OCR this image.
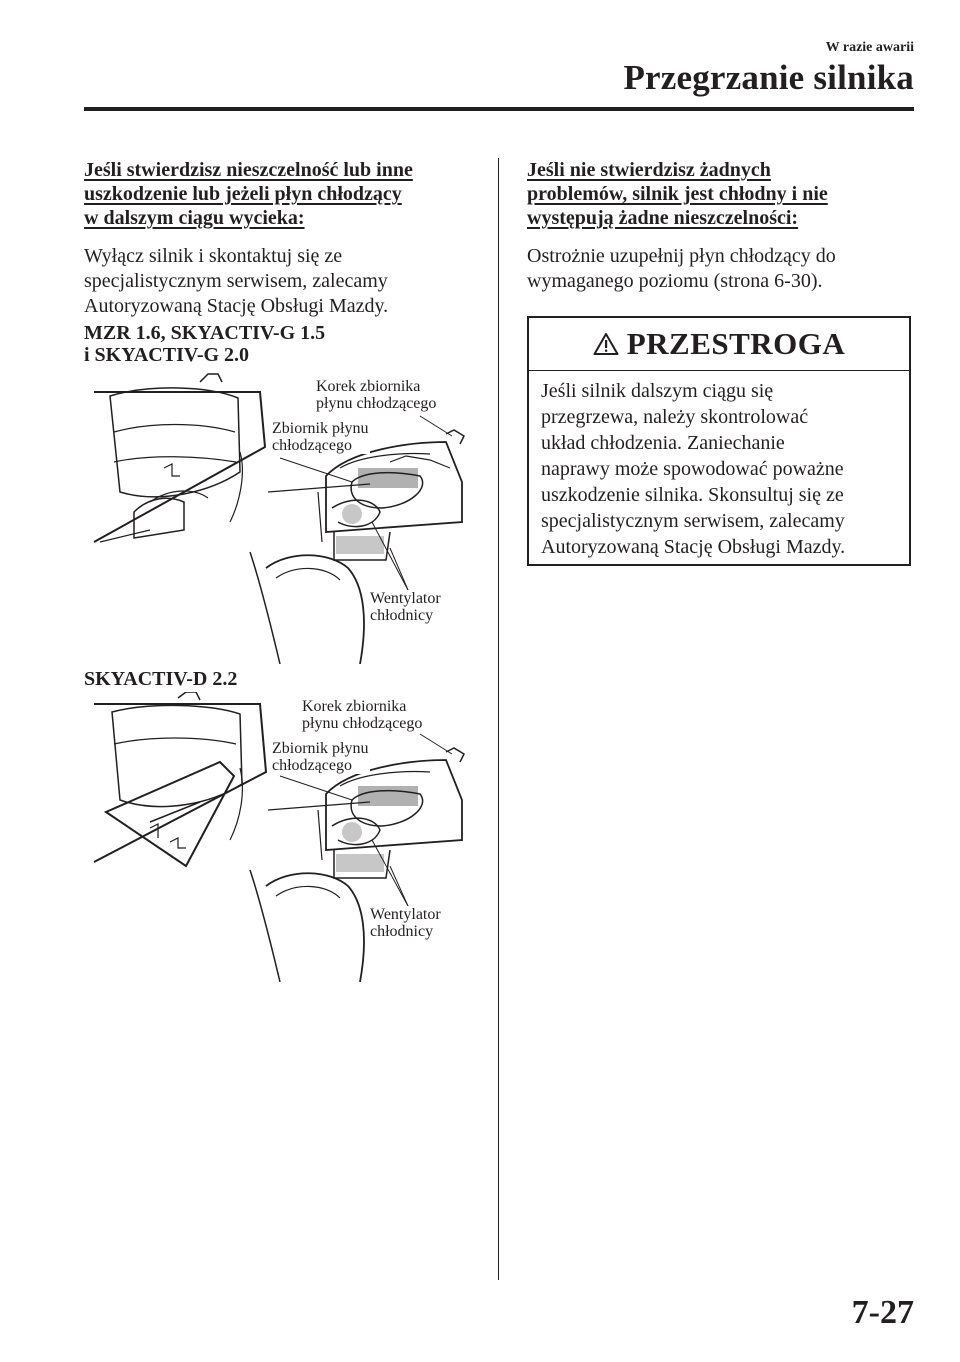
W razie awarii
Przegrzanie silnika
Jeśli stwierdzisz nieszczelność lub inne
uszkodzenie lub jeżeli płyn chłodzący
w dalszym ciągu wycieka:
Wyłącz silnik i skontaktuj się ze
specjalistycznym serwisem, zalecamy
Autoryzowaną Stację Obsługi Mazdy.
MZR 1.6, SKYACTIV-G 1.5
i SKYACTIV-G 2.0
Korek zbiornika
płynu chłodzącego
Zbiornik płynu
chłodzącego
Wentylator
chłodnicy
SKYACTIV-D 2.2
Korek zbiornika
płynu chłodzącego
Zbiornik płynu
chłodzącego
Wentylator
chłodnicy
Jeśli nie stwierdzisz żadnych
problemów, silnik jest chłodny i nie
występują żadne nieszczelności:
Ostrożnie uzupełnij płyn chłodzący do
wymaganego poziomu (strona 6-30).
PRZESTROGA
Jeśli silnik dalszym ciągu się
przegrzewa, należy skontrolować
układ chłodzenia. Zaniechanie
naprawy może spowodować poważne
uszkodzenie silnika. Skonsultuj się ze
specjalistycznym serwisem, zalecamy
Autoryzowaną Stację Obsługi Mazdy.
7-27
